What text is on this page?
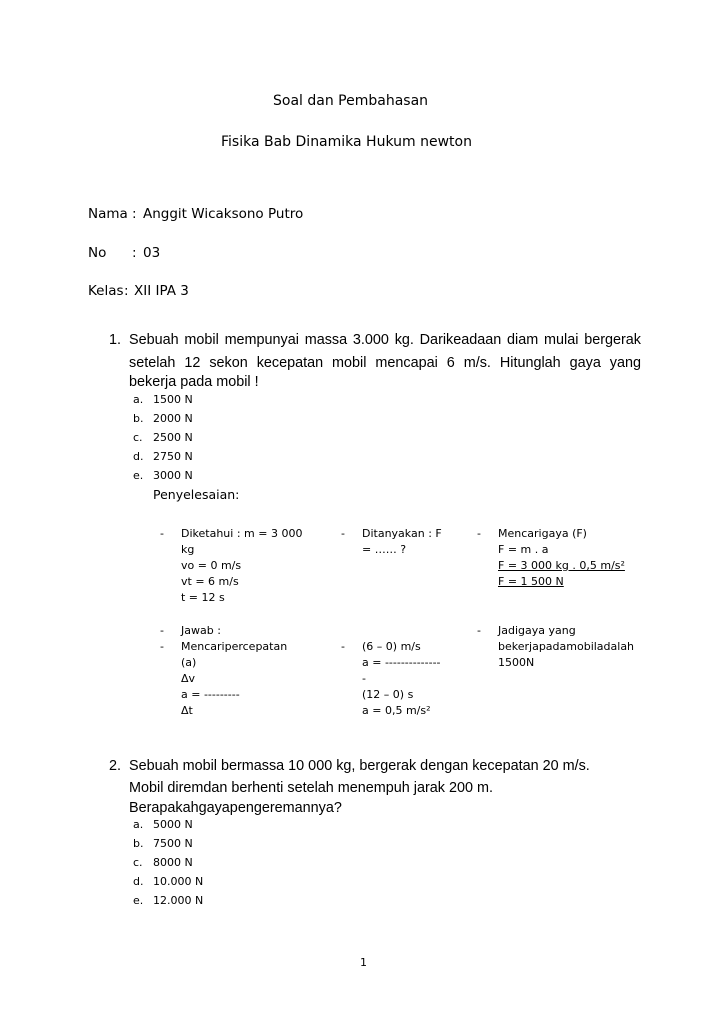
Soal dan Pembahasan
Fisika Bab Dinamika Hukum newton
Nama : Anggit Wicaksono Putro
No : 03
Kelas : XII IPA 3
1. Sebuah mobil mempunyai massa 3.000 kg. Darikeadaan diam mulai bergerak
setelah 12 sekon kecepatan mobil mencapai 6 m/s. Hitunglah gaya yang
bekerja pada mobil !
a. 1500 N
b. 2000 N
c. 2500 N
d. 2750 N
e. 3000 N
Penyelesaian:
- Diketahui : m = 3 000
kg
vo = 0 m/s
vt = 6 m/s
t = 12 s
- Ditanyakan : F
= …… ?
- Mencarigaya (F)
F = m . a
F = 3 000 kg . 0,5 m/s²
F = 1 500 N
- Jawab :
- Mencaripercepatan
(a)
Δv
a = ---------
Δt
- (6 – 0) m/s
a = --------------
-
(12 – 0) s
a = 0,5 m/s²
- Jadigaya yang
bekerjapadamobiladalah
1500N
2. Sebuah mobil bermassa 10 000 kg, bergerak dengan kecepatan 20 m/s.
Mobil diremdan berhenti setelah menempuh jarak 200 m.
Berapakahgayapengeremannya?
a. 5000 N
b. 7500 N
c. 8000 N
d. 10.000 N
e. 12.000 N
1
